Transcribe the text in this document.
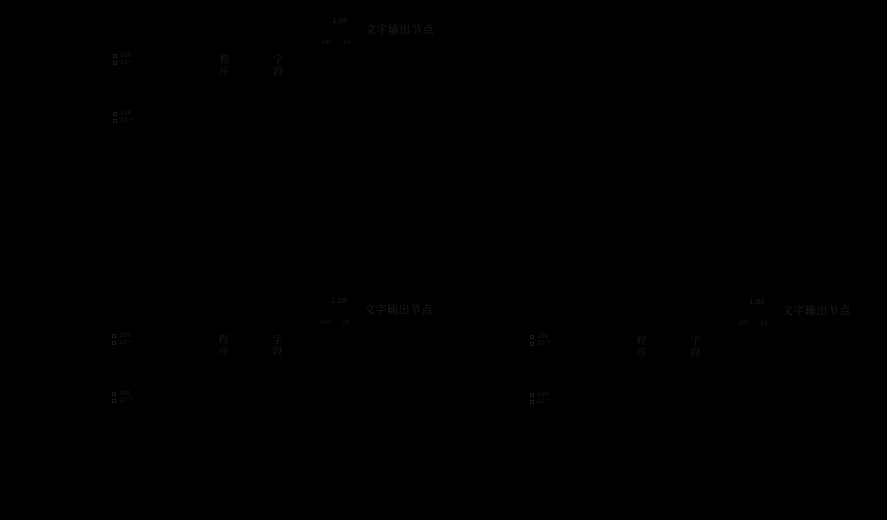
1.00
文字输出节点
10⁴ 10
100
10⁻⁵
100
10⁻⁵
程序	字段
1.00
文字输出节点
10⁴ 10
100
10⁻⁵
100
10⁻⁵
程序	字段
1.00
文字输出节点
10⁴ 10
100
10⁻⁵
100
10⁻⁵
程序	字段
